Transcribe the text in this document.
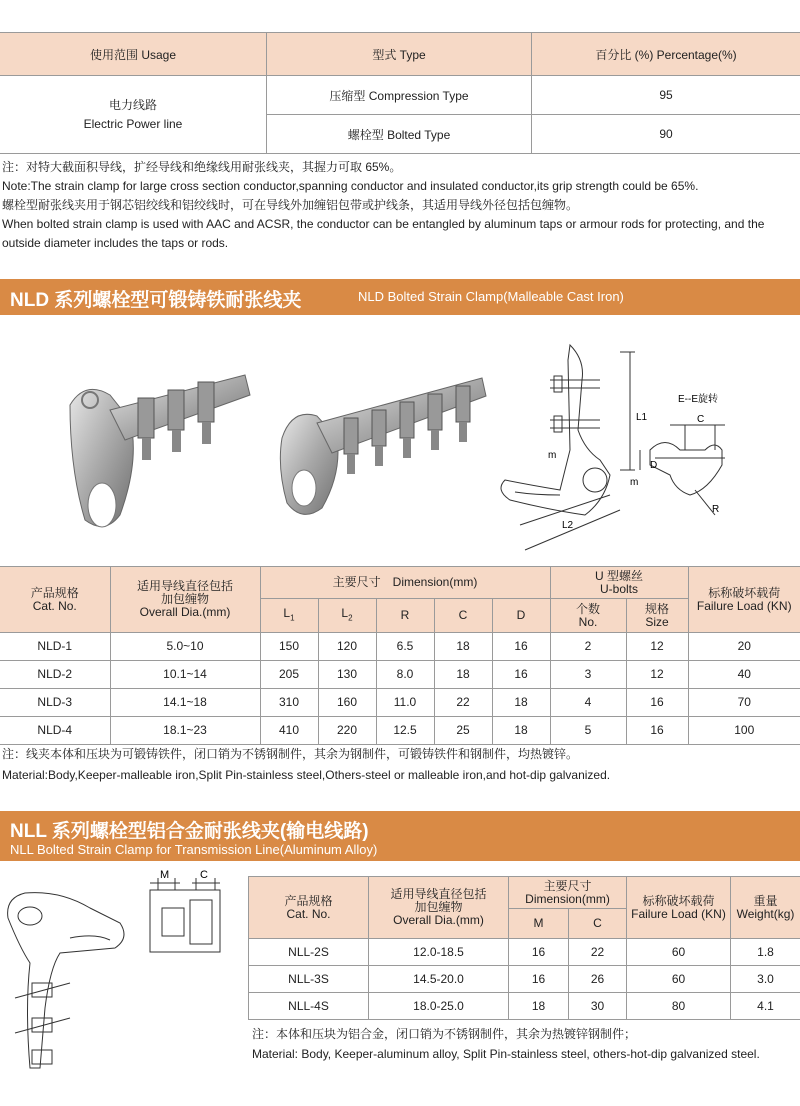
使用范围 Usage	型式 Type	百分比 (%) Percentage(%)
电力线路
Electric Power line	压缩型 Compression Type	95
	螺栓型 Bolted Type	90

注：对特大截面积导线，扩经导线和绝缘线用耐张线夹，其握力可取 65%。

Note:The strain clamp for large cross section conductor,spanning conductor and insulated conductor,its grip strength could be 65%.

螺栓型耐张线夹用于钢芯铝绞线和铝绞线时，可在导线外加缠铝包带或护线条，其适用导线外径包括包缠物。

When bolted strain clamp is used with AAC and ACSR, the conductor can be entangled by aluminum taps or armour rods for protecting, and the outside diameter includes the taps or rods.

NLD 系列螺栓型可锻铸铁耐张线夹	NLD Bolted Strain Clamp(Malleable Cast Iron)
L1
L2
m
m
E--E旋转
C
D
R
产品规格
Cat. No.	适用导线直径包括
加包缠物
Overall Dia.(mm)	主要尺寸　Dimension(mm)					U 型螺丝
U-bolts		标称破坏载荷
Failure Load (KN)
		$L_1$	$L_2$	R	C	D	个数
No.	规格
Size	
NLD-1	5.0~10	150	120	6.5	18	16	2	12	20
NLD-2	10.1~14	205	130	8.0	18	16	3	12	40
NLD-3	14.1~18	310	160	11.0	22	18	4	16	70
NLD-4	18.1~23	410	220	12.5	25	18	5	16	100

注：线夹本体和压块为可锻铸铁件，闭口销为不锈钢制件，其余为钢制件，可锻铸铁件和钢制件，均热镀锌。

Material:Body,Keeper-malleable iron,Split Pin-stainless steel,Others-steel or malleable iron,and hot-dip galvanized.

NLL 系列螺栓型铝合金耐张线夹(输电线路)
NLL Bolted Strain Clamp for Transmission Line(Aluminum Alloy)
M	C
产品规格
Cat. No.	适用导线直径包括
加包缠物
Overall Dia.(mm)	主要尺寸
Dimension(mm)		标称破坏载荷
Failure Load (KN)	重量
Weight(kg)
		M	C		
NLL-2S	12.0-18.5	16	22	60	1.8
NLL-3S	14.5-20.0	16	26	60	3.0
NLL-4S	18.0-25.0	18	30	80	4.1

注：本体和压块为铝合金，闭口销为不锈钢制件，其余为热镀锌钢制件；

Material: Body, Keeper-aluminum alloy, Split Pin-stainless steel, others-hot-dip galvanized steel.
